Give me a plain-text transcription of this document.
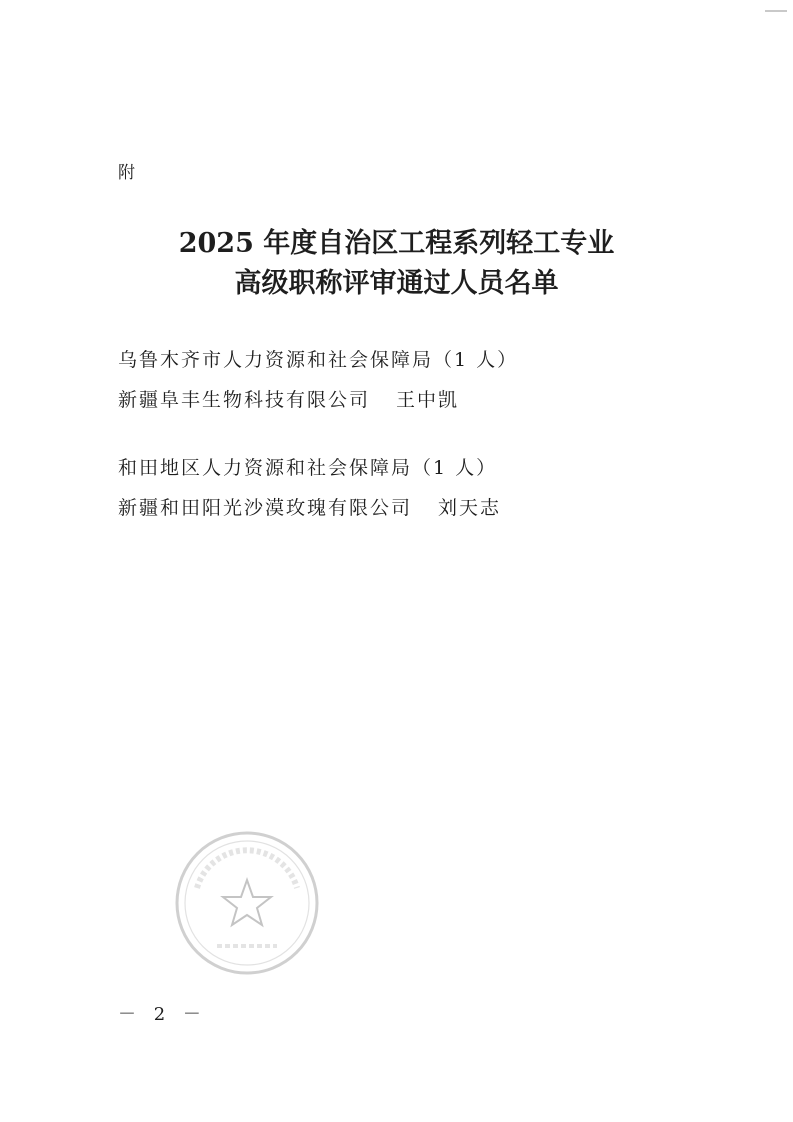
附
2025 年度自治区工程系列轻工专业
高级职称评审通过人员名单
乌鲁木齐市人力资源和社会保障局（1 人）
新疆阜丰生物科技有限公司 王中凯
和田地区人力资源和社会保障局（1 人）
新疆和田阳光沙漠玫瑰有限公司 刘天志
－ 2 －
